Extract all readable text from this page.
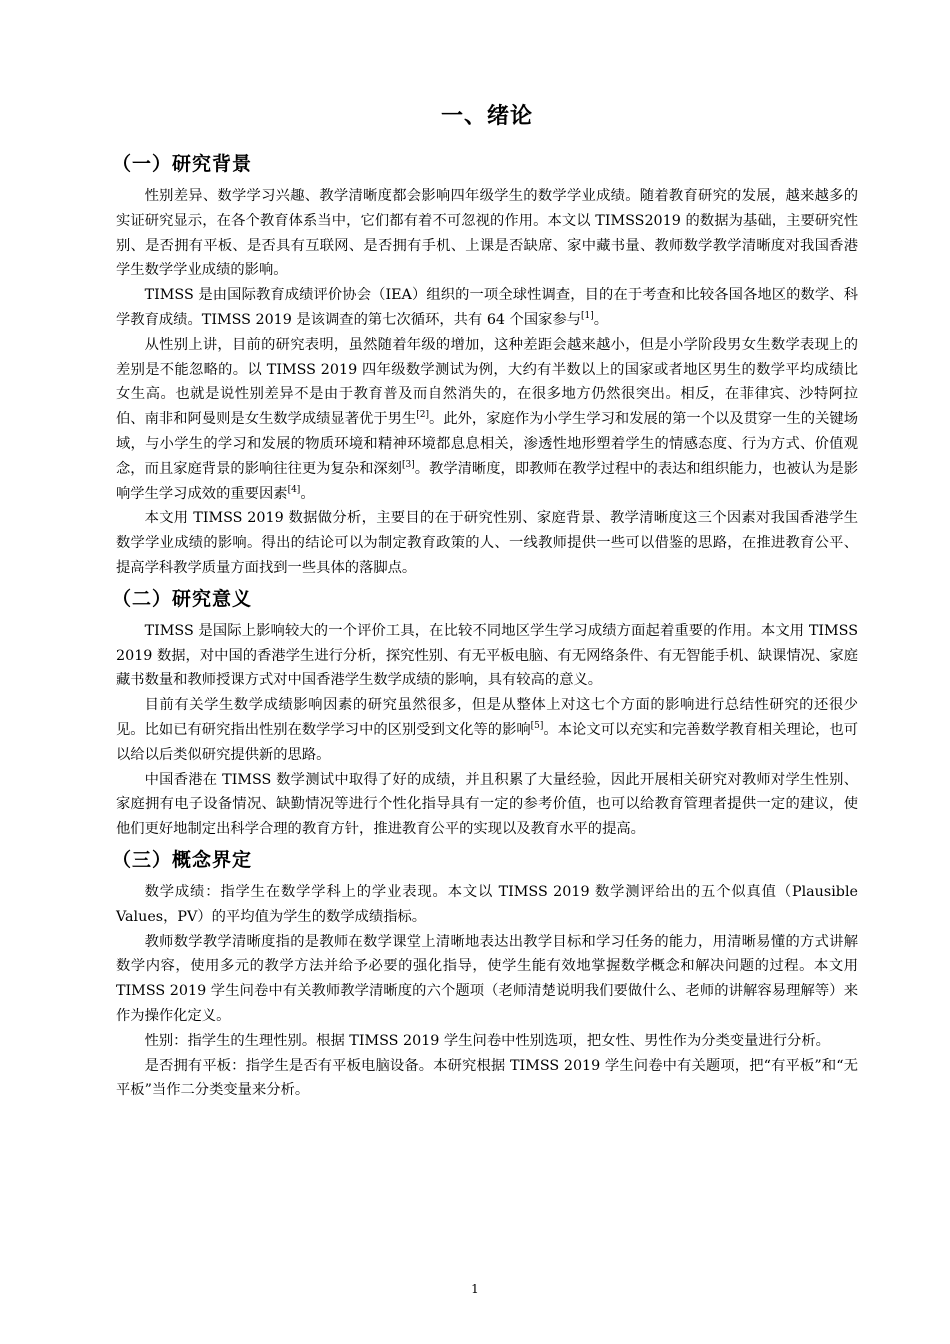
一、绪论
（一）研究背景

性别差异、数学学习兴趣、教学清晰度都会影响四年级学生的数学学业成绩。随着教育研究的发展，越来越多的实证研究显示，在各个教育体系当中，它们都有着不可忽视的作用。本文以 TIMSS2019 的数据为基础，主要研究性别、是否拥有平板、是否具有互联网、是否拥有手机、上课是否缺席、家中藏书量、教师数学教学清晰度对我国香港学生数学学业成绩的影响。

TIMSS 是由国际教育成绩评价协会（IEA）组织的一项全球性调查，目的在于考查和比较各国各地区的数学、科学教育成绩。TIMSS 2019 是该调查的第七次循环，共有 64 个国家参与[1]。

从性别上讲，目前的研究表明，虽然随着年级的增加，这种差距会越来越小，但是小学阶段男女生数学表现上的差别是不能忽略的。以 TIMSS 2019 四年级数学测试为例，大约有半数以上的国家或者地区男生的数学平均成绩比女生高。也就是说性别差异不是由于教育普及而自然消失的，在很多地方仍然很突出。相反，在菲律宾、沙特阿拉伯、南非和阿曼则是女生数学成绩显著优于男生[2]。此外，家庭作为小学生学习和发展的第一个以及贯穿一生的关键场域，与小学生的学习和发展的物质环境和精神环境都息息相关，渗透性地形塑着学生的情感态度、行为方式、价值观念，而且家庭背景的影响往往更为复杂和深刻[3]。教学清晰度，即教师在教学过程中的表达和组织能力，也被认为是影响学生学习成效的重要因素[4]。

本文用 TIMSS 2019 数据做分析，主要目的在于研究性别、家庭背景、教学清晰度这三个因素对我国香港学生数学学业成绩的影响。得出的结论可以为制定教育政策的人、一线教师提供一些可以借鉴的思路，在推进教育公平、提高学科教学质量方面找到一些具体的落脚点。

（二）研究意义

TIMSS 是国际上影响较大的一个评价工具，在比较不同地区学生学习成绩方面起着重要的作用。本文用 TIMSS 2019 数据，对中国的香港学生进行分析，探究性别、有无平板电脑、有无网络条件、有无智能手机、缺课情况、家庭藏书数量和教师授课方式对中国香港学生数学成绩的影响，具有较高的意义。

目前有关学生数学成绩影响因素的研究虽然很多，但是从整体上对这七个方面的影响进行总结性研究的还很少见。比如已有研究指出性别在数学学习中的区别受到文化等的影响[5]。本论文可以充实和完善数学教育相关理论，也可以给以后类似研究提供新的思路。

中国香港在 TIMSS 数学测试中取得了好的成绩，并且积累了大量经验，因此开展相关研究对教师对学生性别、家庭拥有电子设备情况、缺勤情况等进行个性化指导具有一定的参考价值，也可以给教育管理者提供一定的建议，使他们更好地制定出科学合理的教育方针，推进教育公平的实现以及教育水平的提高。

（三）概念界定

数学成绩：指学生在数学学科上的学业表现。本文以 TIMSS 2019 数学测评给出的五个似真值（Plausible Values，PV）的平均值为学生的数学成绩指标。

教师数学教学清晰度指的是教师在数学课堂上清晰地表达出教学目标和学习任务的能力，用清晰易懂的方式讲解数学内容，使用多元的教学方法并给予必要的强化指导，使学生能有效地掌握数学概念和解决问题的过程。本文用 TIMSS 2019 学生问卷中有关教师教学清晰度的六个题项（老师清楚说明我们要做什么、老师的讲解容易理解等）来作为操作化定义。

性别：指学生的生理性别。根据 TIMSS 2019 学生问卷中性别选项，把女性、男性作为分类变量进行分析。

是否拥有平板：指学生是否有平板电脑设备。本研究根据 TIMSS 2019 学生问卷中有关题项，把“有平板”和“无平板”当作二分类变量来分析。

1
